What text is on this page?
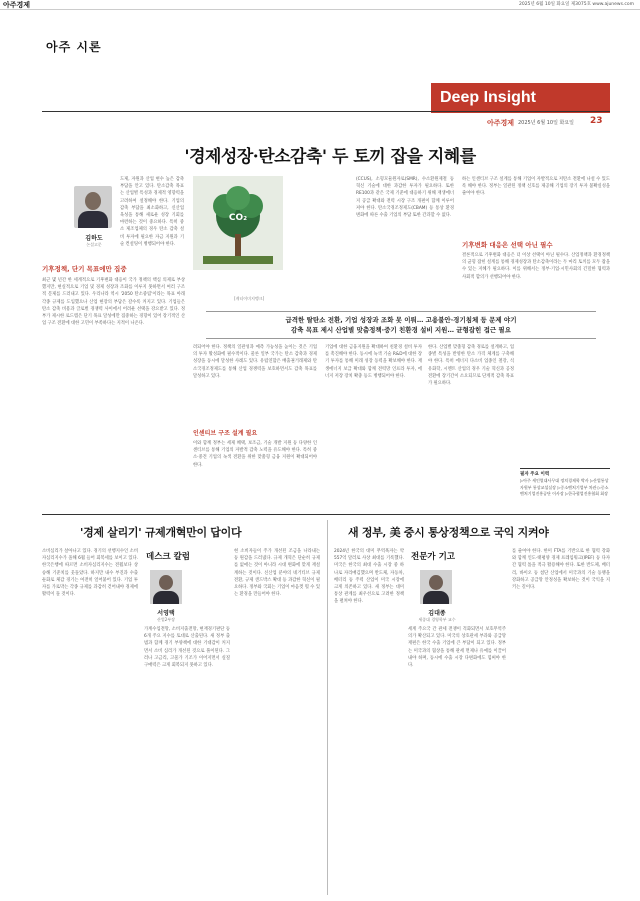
아주경제	2025년 6월 10일 화요일 제3075호 www.ajunews.com
아주 시론
Deep Insight
아주경제 2025년 6월 10일 화요일 23
'경제성장·탄소감축' 두 토끼 잡을 지혜를
김하도
논설고문
기후정책, 단기 목표에만 집중
최근 몇 년간 한 세계적으로 기후변화 대응이 국가 정책의 핵심 의제로 부상했지만, 현실적으로 기업 및 경제 성장과 조화를 이루지 못하면서 여러 구조적 문제를 드러내고 있다. 우리나라 역시 '2050 탄소중립'이라는 목표 아래 각종 규제를 도입했으나 산업 현장의 부담은 갈수록 커지고 있다. 기업들은 탄소 감축 비용과 글로벌 경쟁력 사이에서 어려운 선택을 강요받고 있다. 정부가 제시한 로드맵은 단기 목표 달성에만 집중하는 경향이 있어 장기적인 산업 구조 전환에 대한 고민이 부족하다는 지적이 나온다.
CO₂
[게티이미지뱅크]
도제, 자원과 산업 현수 높은 감축 부담을 안고 있다. 탄소감축 목표는 산업별 특성과 경제적 영향력을 고려하여 설정해야 한다. 기업의 감축 부담을 최소화하고, 신산업 육성을 통해 새로운 성장 기회를 마련하는 것이 중요하다. 특히 중소 제조업체의 경우 탄소 감축 설비 투자에 필요한 자금 지원과 기술 컨설팅이 병행되어야 한다.
(CCUS), 소형모듈원자로(SMR), 수소환원제철 등 혁신 기술에 대한 과감한 투자가 필요하다. 또한 RE100과 같은 국제 기준에 대응하기 위해 재생에너지 공급 확대와 전력 시장 구조 개편이 함께 이루어져야 한다. 탄소국경조정제도(CBAM) 등 통상 환경 변화에 따른 수출 기업의 부담 또한 간과할 수 없다.
하는 인센티브 구조 설계를 통해 기업이 자발적으로 저탄소 전환에 나설 수 있도록 해야 한다. 정부는 일관된 정책 신호를 제공해 기업의 장기 투자 불확실성을 줄여야 한다.
기후변화 대응은 선택 아닌 필수
결론적으로 기후변화 대응은 더 이상 선택이 아닌 필수다. 산업정책과 환경정책의 균형 잡힌 설계를 통해 경제성장과 탄소감축이라는 두 마리 토끼를 모두 잡을 수 있는 지혜가 필요하다. 이를 위해서는 정부·기업·시민사회의 긴밀한 협력과 사회적 합의가 선행되어야 한다.
급격한 탈탄소 전환, 기업 성장과 조화 못 이뤄… 고용불안·경기침체 등 문제 야기
감축 목표 제시 산업별 맞춤정책·중기 친환경 설비 지원… 균형잡힌 접근 필요
려되어야 한다. 정책의 일관성과 예측 가능성을 높이는 것은 기업의 투자 활성화에 필수적이다. 물론 일부 국가는 탄소 감축과 경제 성장을 동시에 달성한 사례도 있다. 유럽연합은 배출권거래제와 탄소국경조정제도를 통해 산업 경쟁력을 보호하면서도 감축 목표를 달성하고 있다.
인센티브 구조 설계 필요
이와 함께 정부는 세제 혜택, 보조금, 기술 개발 지원 등 다양한 인센티브를 통해 기업의 자발적 감축 노력을 유도해야 한다. 특히 중소·중견 기업의 녹색 전환을 위한 맞춤형 금융 지원이 확대되어야 한다.
기업에 대한 금융지원을 확대하여 친환경 설비 투자를 촉진해야 한다. 동시에 녹색 기술 R&D에 대한 장기 투자를 통해 미래 성장 동력을 확보해야 한다. 재생에너지 보급 확대와 함께 전력망 인프라 투자, 에너지 저장 장치 확충 등도 병행되어야 한다.
한다. 산업별 맞춤형 감축 경로를 설계하고, 업종별 특성을 반영한 탄소 가격 체계를 구축해야 한다. 특히 에너지 다소비 업종인 철강, 석유화학, 시멘트 산업의 경우 기술 혁신과 공정 전환에 장기간이 소요되므로 단계적 감축 목표가 필요하다.
필자 주요 이력
▷아주 세인열대사무대 정치경제학 박사 ▷산업통상자원부 통상교섭실장 ▷중소벤처기업부 차관 ▷중소벤처기업진흥공단 이사장 ▷한국협업진흥협회 회장
'경제 살리기' 규제개혁만이 답이다
데스크 칼럼
서영택
산업2부장
소비심리가 살아나고 있다. 경기의 선행지수인 소비자심리지수가 올해 6월 들어 회복세를 보이고 있다. 한국은행에 따르면 소비자심리지수는 전월보다 상승해 기준치를 웃돌았다. 하지만 내수 부진과 수출 둔화로 체감 경기는 여전히 얼어붙어 있다. 기업 투자를 가로막는 각종 규제를 과감히 걷어내야 경제에 활력이 돌 것이다.
가계수입전망, 소비지출전망, 현재경기판단 등 6개 주요 지수를 토대로 산출된다. 새 정부 출범과 함께 경기 부양책에 대한 기대감이 커지면서 소비 심리가 개선된 것으로 풀이된다. 그러나 고금리, 고물가 기조가 이어지면서 실질 구매력은 크게 회복되지 못하고 있다.
현 소비자들이 주가 개선된 조금을 나라내는 등 원감을 드러냈다. 규제 개혁은 단순히 규제를 없애는 것이 아니라 시대 변화에 맞게 재설계하는 것이다. 신산업 분야의 네거티브 규제 전환, 규제 샌드박스 확대 등 과감한 혁신이 필요하다. 정부와 국회는 기업이 마음껏 뛸 수 있는 환경을 만들어야 한다.
새 정부, 美 중시 통상정책으로 국익 지켜야
전문가 기고
김대종
세종대 경영학부 교수
2024년 한국의 대미 무역흑자는 약 557억 달러로 사상 최대를 기록했다. 미국은 한국의 최대 수출 시장 중 하나로 자리매김했으며 반도체, 자동차, 배터리 등 주력 산업이 미국 시장에 크게 의존하고 있다. 새 정부는 대미 통상 관계를 최우선으로 고려한 정책을 펼쳐야 한다.
세계 주요국 간 관세 전쟁이 격화되면서 보호무역주의가 확산되고 있다. 미국의 상호관세 부과와 공급망 재편은 한국 수출 기업에 큰 부담이 되고 있다. 정부는 미국과의 협상을 통해 관세 면제나 유예를 이끌어내야 하며, 동시에 수출 시장 다변화에도 힘써야 한다.
를 줄여야 한다. 한미 FTA를 기반으로 한 협력 강화와 함께 인도·태평양 경제 프레임워크(IPEF) 등 다자간 협력 틀을 적극 활용해야 한다. 또한 반도체, 배터리, 바이오 등 첨단 산업에서 미국과의 기술 동맹을 강화하고 공급망 안정성을 확보하는 것이 국익을 지키는 길이다.
